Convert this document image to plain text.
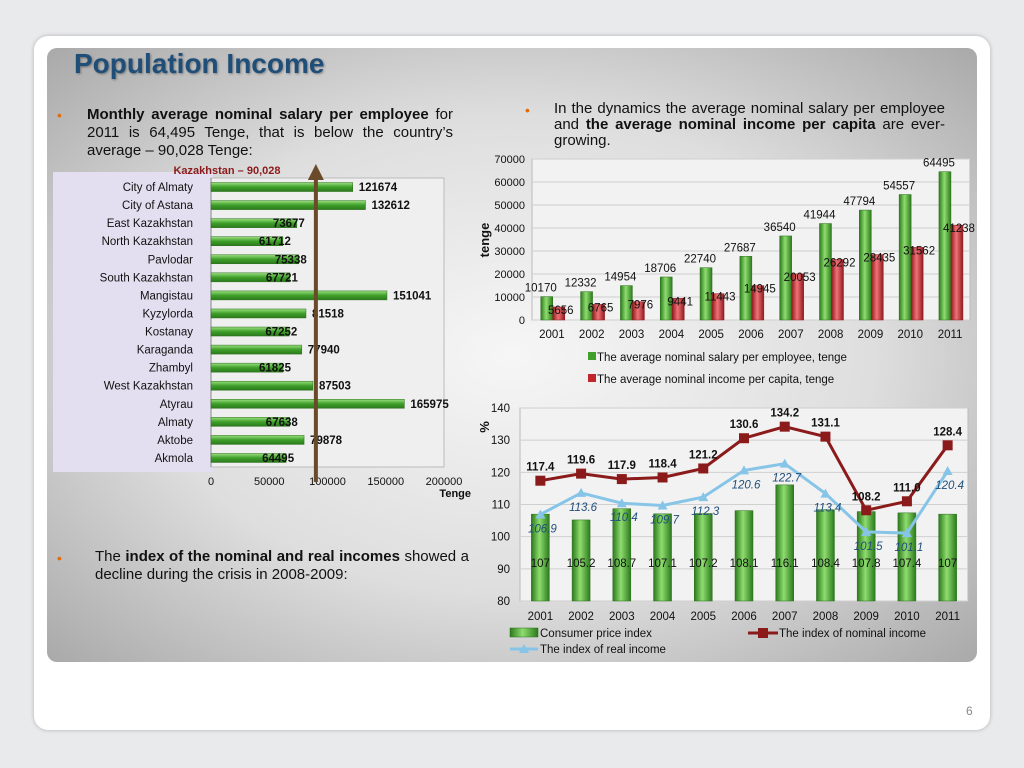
Population Income
• Monthly average nominal salary per employee for 2011 is 64,495 Tenge, that is below the country’s average – 90,028 Tenge:
• In the dynamics the average nominal salary per employee and the average nominal income per capita are ever-growing.
• The index of the nominal and real incomes showed a decline during the crisis in 2008-2009:
0	50000 100000 150000 200000
Tenge
City of Almaty	121674
City of Astana	132612
East Kazakhstan	73677
North Kazakhstan	61712
Pavlodar	75338
South Kazakhstan	67721
Mangistau	151041
Kyzylorda	81518
Kostanay	67252
Karaganda	77940
Zhambyl	61825
West Kazakhstan	87503
Atyrau	165975
Almaty	67638
Aktobe	79878
Akmola	64495
Kazakhstan – 90,028
0
10000
20000
30000
40000
50000
60000
70000
tenge
2001
10170
5656
2002
12332
6765
2003
14954
7976
2004
18706
9441
2005
22740
11443
2006
27687
14945
2007
36540
20053
2008
41944
26292
2009
47794
28435
2010
54557
31562
2011
64495
41238
The average nominal salary per employee, tenge
The average nominal income per capita, tenge
80
90
100
110
120
130
140
%
2001
107
2002
105.2
2003
108.7
2004
107.1
2005
107.2
2006
108.1
2007
116.1
2008
108.4
2009
107.8
2010
107.4
2011
107
106.9
113.6
110.4 109.7
112.3
120.6
122.7
113.4
101.5 101.1
120.4
117.4
119.6 117.9 118.4
121.2
130.6
134.2
131.1
108.2
111.0
128.4
Consumer price index	The index of nominal income
The index of real income
6
